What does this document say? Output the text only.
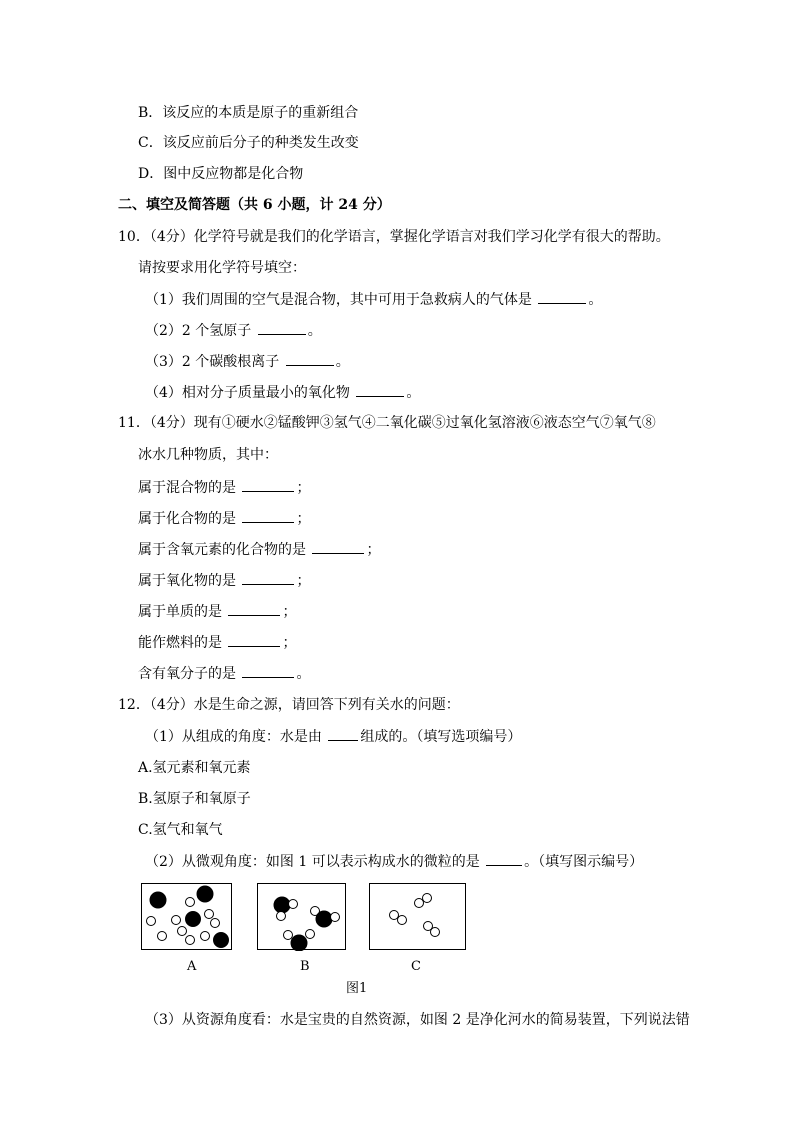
B．该反应的本质是原子的重新组合
C．该反应前后分子的种类发生改变
D．图中反应物都是化合物
二、填空及简答题（共 6 小题，计 24 分）
10．（4分）化学符号就是我们的化学语言，掌握化学语言对我们学习化学有很大的帮助。
请按要求用化学符号填空：
（1）我们周围的空气是混合物，其中可用于急救病人的气体是	。
（2）2 个氢原子	。
（3）2 个碳酸根离子	。
（4）相对分子质量最小的氧化物	。
11．（4分）现有①硬水②锰酸钾③氢气④二氧化碳⑤过氧化氢溶液⑥液态空气⑦氧气⑧
冰水几种物质，其中：
属于混合物的是	；
属于化合物的是	；
属于含氧元素的化合物的是	；
属于氧化物的是	；
属于单质的是	；
能作燃料的是	；
含有氧分子的是	。
12．（4分）水是生命之源，请回答下列有关水的问题：
（1）从组成的角度：水是由	组成的。（填写选项编号）
A.氢元素和氧元素
B.氢原子和氧原子
C.氢气和氧气
（2）从微观角度：如图 1 可以表示构成水的微粒的是	。（填写图示编号）
A	B	C
图1
（3）从资源角度看：水是宝贵的自然资源，如图 2 是净化河水的简易装置，下列说法错
